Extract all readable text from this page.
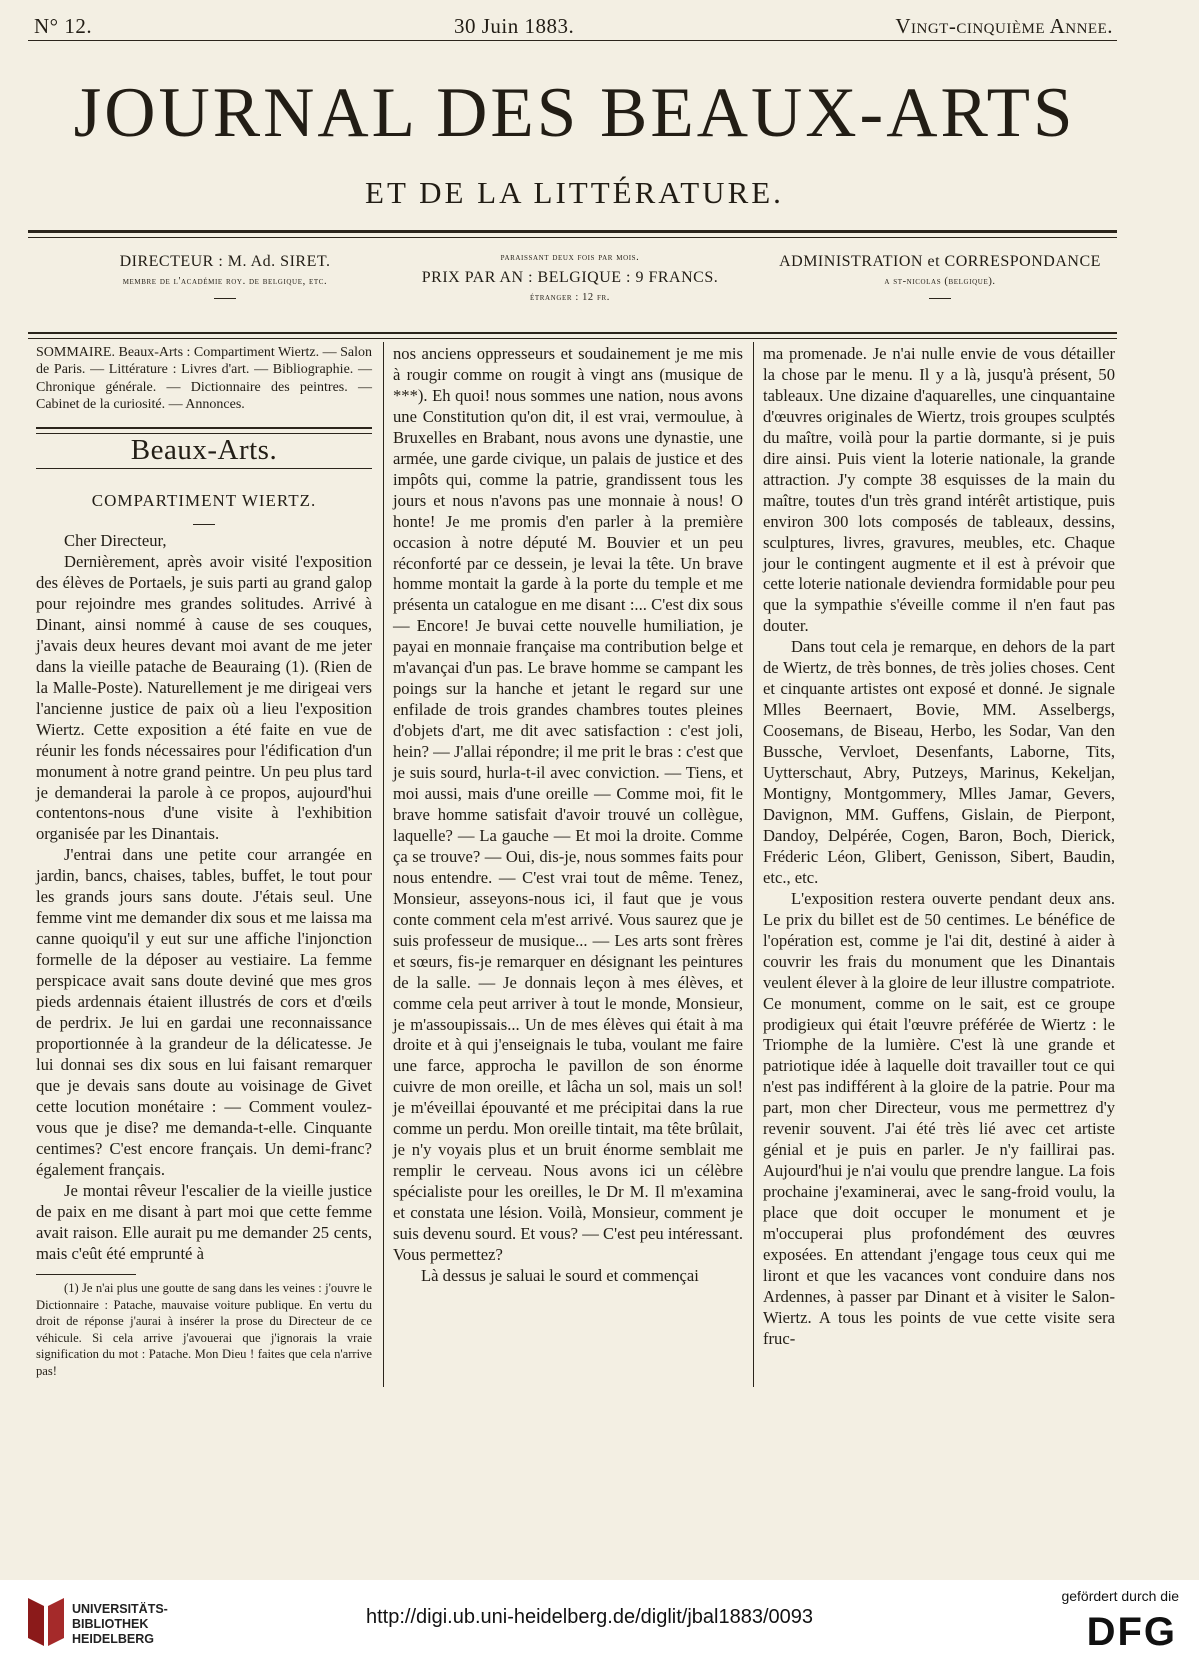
N° 12.	30 Juin 1883.	Vingt-cinquième Annee.
JOURNAL DES BEAUX-ARTS
ET DE LA LITTÉRATURE.
DIRECTEUR : M. Ad. SIRET.
membre de l'académie roy. de belgique, etc.
paraissant deux fois par mois.
PRIX PAR AN : BELGIQUE : 9 FRANCS.
étranger : 12 fr.
ADMINISTRATION et CORRESPONDANCE
a st-nicolas (belgique).
SOMMAIRE. Beaux-Arts : Compartiment Wiertz. — Salon de Paris. — Littérature : Livres d'art. — Bibliographie. — Chronique générale. — Dictionnaire des peintres. — Cabinet de la curiosité. — Annonces.
Beaux-Arts.
COMPARTIMENT WIERTZ.

Cher Directeur,

Dernièrement, après avoir visité l'exposition des élèves de Portaels, je suis parti au grand galop pour rejoindre mes grandes solitudes. Arrivé à Dinant, ainsi nommé à cause de ses couques, j'avais deux heures devant moi avant de me jeter dans la vieille patache de Beauraing (1). (Rien de la Malle-Poste). Naturellement je me dirigeai vers l'ancienne justice de paix où a lieu l'exposition Wiertz. Cette exposition a été faite en vue de réunir les fonds nécessaires pour l'édification d'un monument à notre grand peintre. Un peu plus tard je demanderai la parole à ce propos, aujourd'hui contentons-nous d'une visite à l'exhibition organisée par les Dinantais.

J'entrai dans une petite cour arrangée en jardin, bancs, chaises, tables, buffet, le tout pour les grands jours sans doute. J'étais seul. Une femme vint me demander dix sous et me laissa ma canne quoiqu'il y eut sur une affiche l'injonction formelle de la déposer au vestiaire. La femme perspicace avait sans doute deviné que mes gros pieds ardennais étaient illustrés de cors et d'œils de perdrix. Je lui en gardai une reconnaissance proportionnée à la grandeur de la délicatesse. Je lui donnai ses dix sous en lui faisant remarquer que je devais sans doute au voisinage de Givet cette locution monétaire : — Comment voulez-vous que je dise? me demanda-t-elle. Cinquante centimes? C'est encore français. Un demi-franc? également français.

Je montai rêveur l'escalier de la vieille justice de paix en me disant à part moi que cette femme avait raison. Elle aurait pu me demander 25 cents, mais c'eût été emprunté à

(1) Je n'ai plus une goutte de sang dans les veines : j'ouvre le Dictionnaire : Patache, mauvaise voiture publique. En vertu du droit de réponse j'aurai à insérer la prose du Directeur de ce véhicule. Si cela arrive j'avouerai que j'ignorais la vraie signification du mot : Patache. Mon Dieu ! faites que cela n'arrive pas!

nos anciens oppresseurs et soudainement je me mis à rougir comme on rougit à vingt ans (musique de ***). Eh quoi! nous sommes une nation, nous avons une Constitution qu'on dit, il est vrai, vermoulue, à Bruxelles en Brabant, nous avons une dynastie, une armée, une garde civique, un palais de justice et des impôts qui, comme la patrie, grandissent tous les jours et nous n'avons pas une monnaie à nous! O honte! Je me promis d'en parler à la première occasion à notre député M. Bouvier et un peu réconforté par ce dessein, je levai la tête. Un brave homme montait la garde à la porte du temple et me présenta un catalogue en me disant :... C'est dix sous — Encore! Je buvai cette nouvelle humiliation, je payai en monnaie française ma contribution belge et m'avançai d'un pas. Le brave homme se campant les poings sur la hanche et jetant le regard sur une enfilade de trois grandes chambres toutes pleines d'objets d'art, me dit avec satisfaction : c'est joli, hein? — J'allai répondre; il me prit le bras : c'est que je suis sourd, hurla-t-il avec conviction. — Tiens, et moi aussi, mais d'une oreille — Comme moi, fit le brave homme satisfait d'avoir trouvé un collègue, laquelle? — La gauche — Et moi la droite. Comme ça se trouve? — Oui, dis-je, nous sommes faits pour nous entendre. — C'est vrai tout de même. Tenez, Monsieur, asseyons-nous ici, il faut que je vous conte comment cela m'est arrivé. Vous saurez que je suis professeur de musique... — Les arts sont frères et sœurs, fis-je remarquer en désignant les peintures de la salle. — Je donnais leçon à mes élèves, et comme cela peut arriver à tout le monde, Monsieur, je m'assoupissais... Un de mes élèves qui était à ma droite et à qui j'enseignais le tuba, voulant me faire une farce, approcha le pavillon de son énorme cuivre de mon oreille, et lâcha un sol, mais un sol! je m'éveillai épouvanté et me précipitai dans la rue comme un perdu. Mon oreille tintait, ma tête brûlait, je n'y voyais plus et un bruit énorme semblait me remplir le cerveau. Nous avons ici un célèbre spécialiste pour les oreilles, le Dr M. Il m'examina et constata une lésion. Voilà, Monsieur, comment je suis devenu sourd. Et vous? — C'est peu intéressant. Vous permettez?

Là dessus je saluai le sourd et commençai

ma promenade. Je n'ai nulle envie de vous détailler la chose par le menu. Il y a là, jusqu'à présent, 50 tableaux. Une dizaine d'aquarelles, une cinquantaine d'œuvres originales de Wiertz, trois groupes sculptés du maître, voilà pour la partie dormante, si je puis dire ainsi. Puis vient la loterie nationale, la grande attraction. J'y compte 38 esquisses de la main du maître, toutes d'un très grand intérêt artistique, puis environ 300 lots composés de tableaux, dessins, sculptures, livres, gravures, meubles, etc. Chaque jour le contingent augmente et il est à prévoir que cette loterie nationale deviendra formidable pour peu que la sympathie s'éveille comme il n'en faut pas douter.

Dans tout cela je remarque, en dehors de la part de Wiertz, de très bonnes, de très jolies choses. Cent et cinquante artistes ont exposé et donné. Je signale Mlles Beernaert, Bovie, MM. Asselbergs, Coosemans, de Biseau, Herbo, les Sodar, Van den Bussche, Vervloet, Desenfants, Laborne, Tits, Uytterschaut, Abry, Putzeys, Marinus, Kekeljan, Montigny, Montgommery, Mlles Jamar, Gevers, Davignon, MM. Guffens, Gislain, de Pierpont, Dandoy, Delpérée, Cogen, Baron, Boch, Dierick, Fréderic Léon, Glibert, Genisson, Sibert, Baudin, etc., etc.

L'exposition restera ouverte pendant deux ans. Le prix du billet est de 50 centimes. Le bénéfice de l'opération est, comme je l'ai dit, destiné à aider à couvrir les frais du monument que les Dinantais veulent élever à la gloire de leur illustre compatriote. Ce monument, comme on le sait, est ce groupe prodigieux qui était l'œuvre préférée de Wiertz : le Triomphe de la lumière. C'est là une grande et patriotique idée à laquelle doit travailler tout ce qui n'est pas indifférent à la gloire de la patrie. Pour ma part, mon cher Directeur, vous me permettrez d'y revenir souvent. J'ai été très lié avec cet artiste génial et je puis en parler. Je n'y faillirai pas. Aujourd'hui je n'ai voulu que prendre langue. La fois prochaine j'examinerai, avec le sang-froid voulu, la place que doit occuper le monument et je m'occuperai plus profondément des œuvres exposées. En attendant j'engage tous ceux qui me liront et que les vacances vont conduire dans nos Ardennes, à passer par Dinant et à visiter le Salon-Wiertz. A tous les points de vue cette visite sera fruc-

UNIVERSITÄTS-
BIBLIOTHEK
HEIDELBERG
http://digi.ub.uni-heidelberg.de/diglit/jbal1883/0093
gefördert durch die
DFG
